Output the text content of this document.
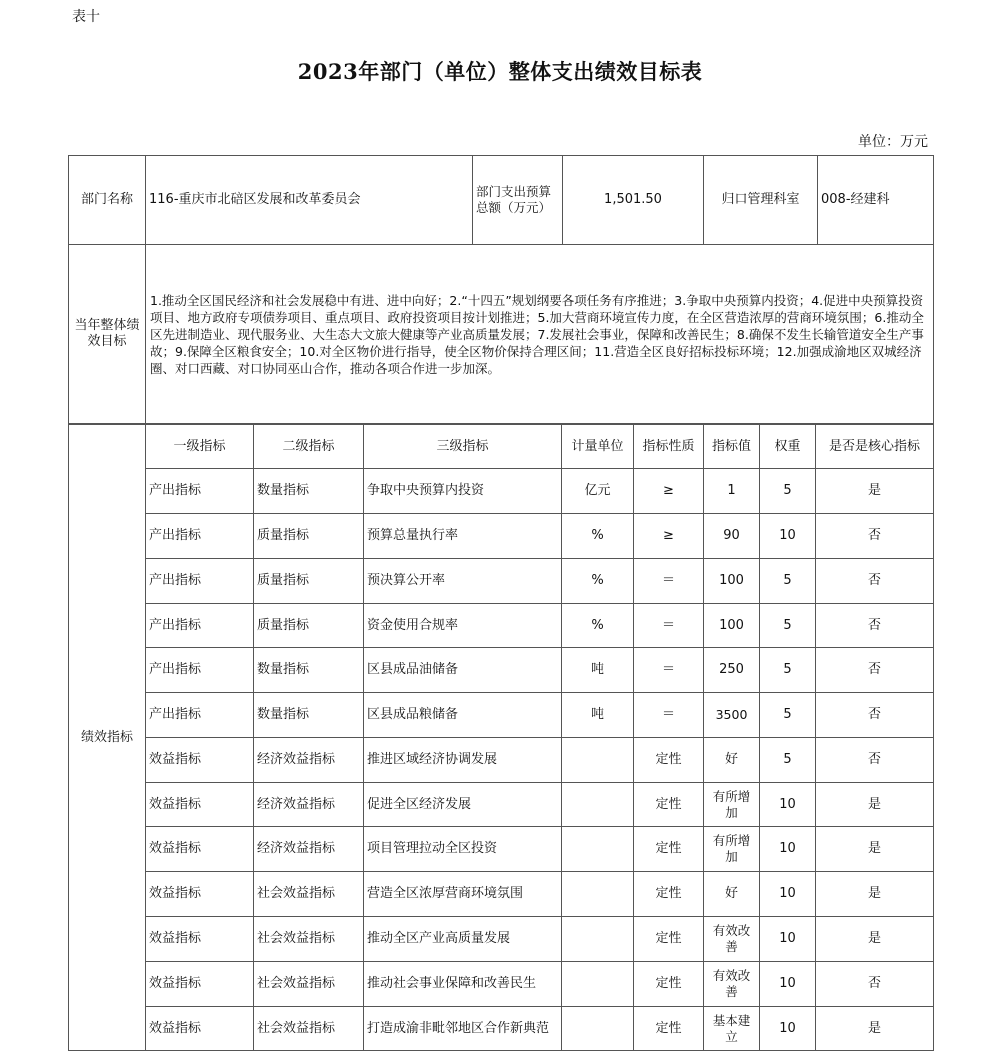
表十
2023年部门（单位）整体支出绩效目标表
单位：万元
部门名称	116-重庆市北碚区发展和改革委员会	部门支出预算总额（万元）	1,501.50	归口管理科室	008-经建科
当年整体绩效目标	1.推动全区国民经济和社会发展稳中有进、进中向好；2.“十四五”规划纲要各项任务有序推进；3.争取中央预算内投资；4.促进中央预算投资项目、地方政府专项债券项目、重点项目、政府投资项目按计划推进；5.加大营商环境宣传力度，在全区营造浓厚的营商环境氛围；6.推动全区先进制造业、现代服务业、大生态大文旅大健康等产业高质量发展；7.发展社会事业，保障和改善民生；8.确保不发生长输管道安全生产事故；9.保障全区粮食安全；10.对全区物价进行指导，使全区物价保持合理区间；11.营造全区良好招标投标环境；12.加强成渝地区双城经济圈、对口西藏、对口协同巫山合作，推动各项合作进一步加深。				
绩效指标	一级指标	二级指标	三级指标	计量单位	指标性质	指标值	权重	是否是核心指标
	产出指标	数量指标	争取中央预算内投资	亿元	≥	1	5	是
	产出指标	质量指标	预算总量执行率	%	≥	90	10	否
	产出指标	质量指标	预决算公开率	%	＝	100	5	否
	产出指标	质量指标	资金使用合规率	%	＝	100	5	否
	产出指标	数量指标	区县成品油储备	吨	＝	250	5	否
	产出指标	数量指标	区县成品粮储备	吨	＝	3500	5	否
	效益指标	经济效益指标	推进区域经济协调发展		定性	好	5	否
	效益指标	经济效益指标	促进全区经济发展		定性	有所增加	10	是
	效益指标	经济效益指标	项目管理拉动全区投资		定性	有所增加	10	是
	效益指标	社会效益指标	营造全区浓厚营商环境氛围		定性	好	10	是
	效益指标	社会效益指标	推动全区产业高质量发展		定性	有效改善	10	是
	效益指标	社会效益指标	推动社会事业保障和改善民生		定性	有效改善	10	否
	效益指标	社会效益指标	打造成渝非毗邻地区合作新典范		定性	基本建立	10	是
